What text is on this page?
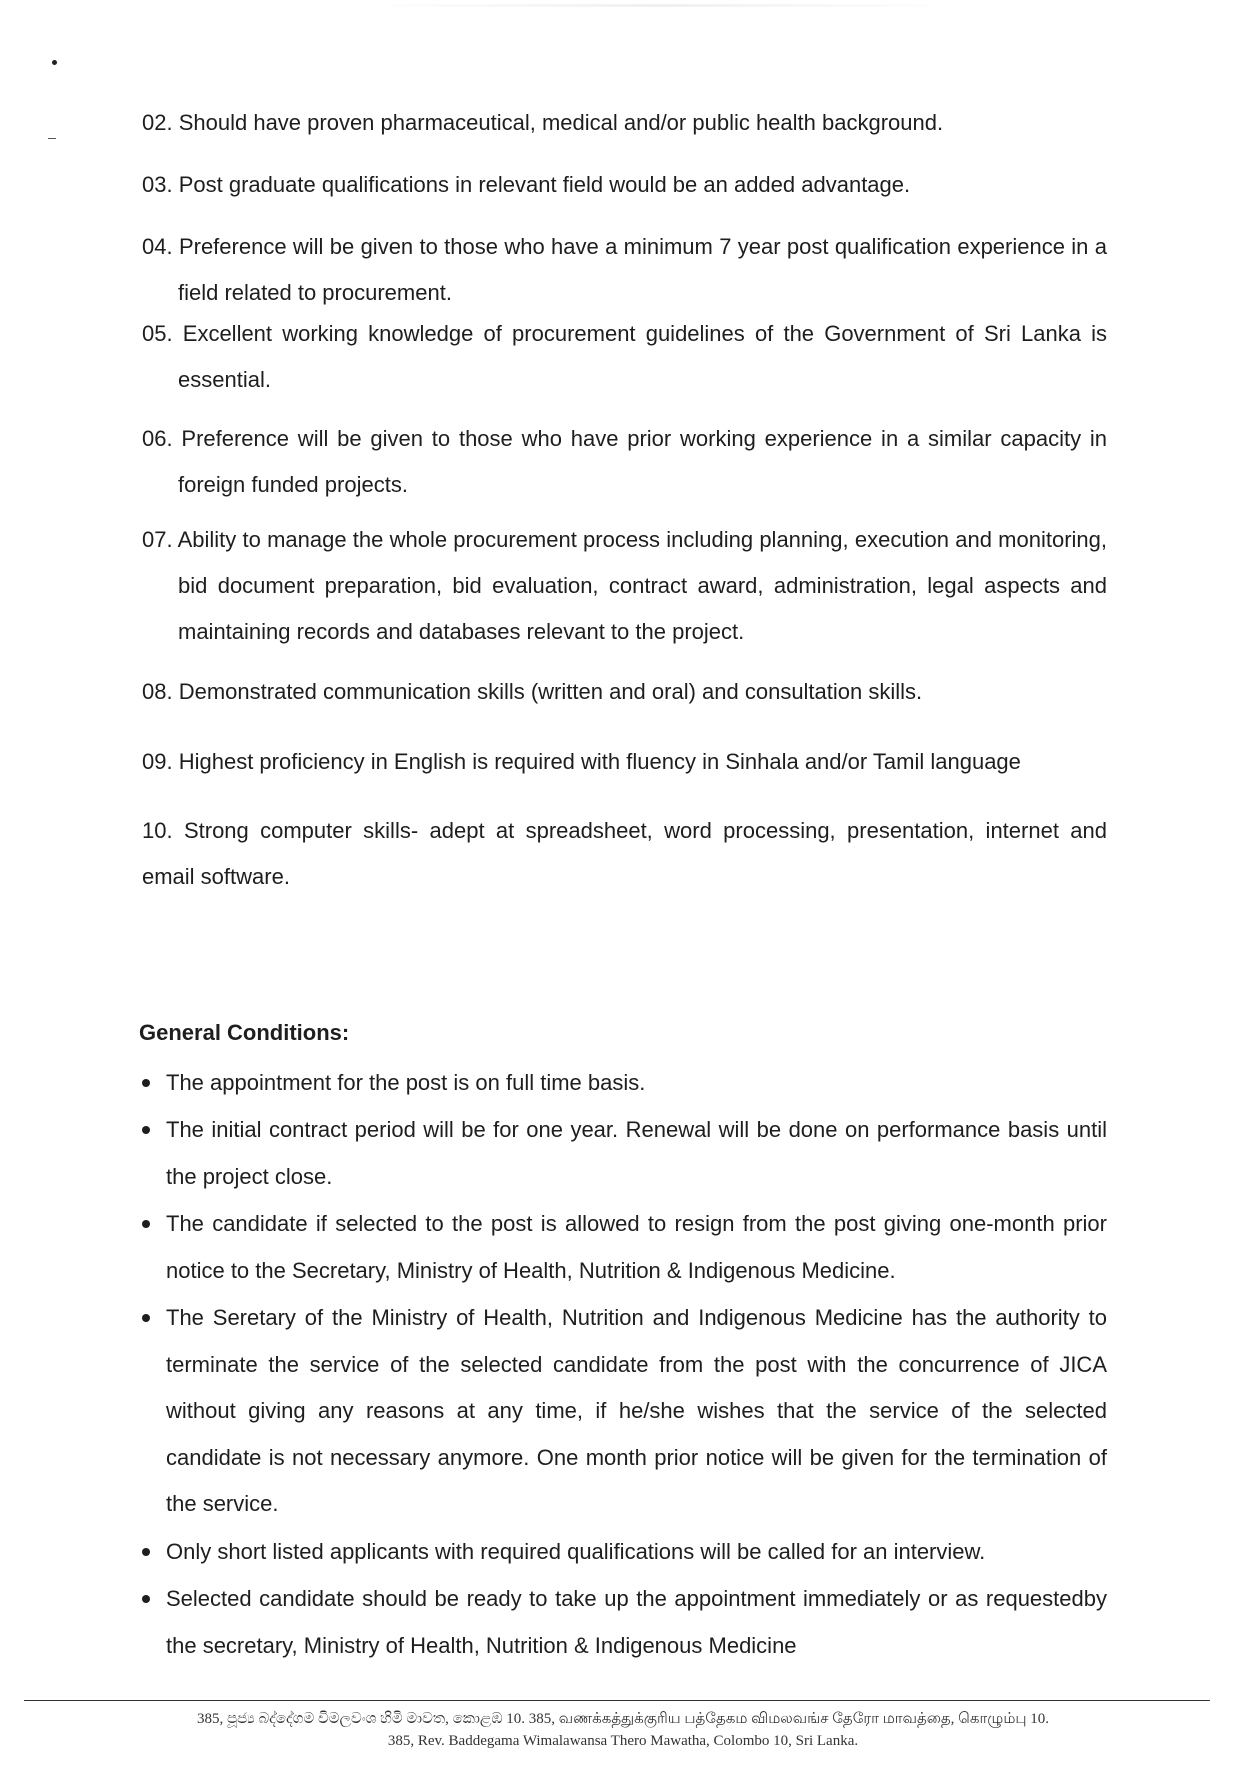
02. Should have proven pharmaceutical, medical and/or public health background.

03. Post graduate qualifications in relevant field would be an added advantage.

04. Preference will be given to those who have a minimum 7 year post qualification experience in a field related to procurement.

05. Excellent working knowledge of procurement guidelines of the Government of Sri Lanka is essential.

06. Preference will be given to those who have prior working experience in a similar capacity in foreign funded projects.

07. Ability to manage the whole procurement process including planning, execution and monitoring, bid document preparation, bid evaluation, contract award, administration, legal aspects and maintaining records and databases relevant to the project.

08. Demonstrated communication skills (written and oral) and consultation skills.

09. Highest proficiency in English is required with fluency in Sinhala and/or Tamil language

10. Strong computer skills- adept at spreadsheet, word processing, presentation, internet and email software.

General Conditions:
The appointment for the post is on full time basis.
The initial contract period will be for one year. Renewal will be done on performance basis until the project close.
The candidate if selected to the post is allowed to resign from the post giving one-month prior notice to the Secretary, Ministry of Health, Nutrition & Indigenous Medicine.
The Seretary of the Ministry of Health, Nutrition and Indigenous Medicine has the authority to terminate the service of the selected candidate from the post with the concurrence of JICA without giving any reasons at any time, if he/she wishes that the service of the selected candidate is not necessary anymore. One month prior notice will be given for the termination of the service.
Only short listed applicants with required qualifications will be called for an interview.
Selected candidate should be ready to take up the appointment immediately or as requestedby the secretary, Ministry of Health, Nutrition & Indigenous Medicine
385, පූජ්‍ය බද්දේගම විමලවංශ හිමි මාවත, කොළඹ 10. 385, வணக்கத்துக்குரிய பத்தேகம விமலவங்ச தேரோ மாவத்தை, கொழும்பு 10.
385, Rev. Baddegama Wimalawansa Thero Mawatha, Colombo 10, Sri Lanka.
